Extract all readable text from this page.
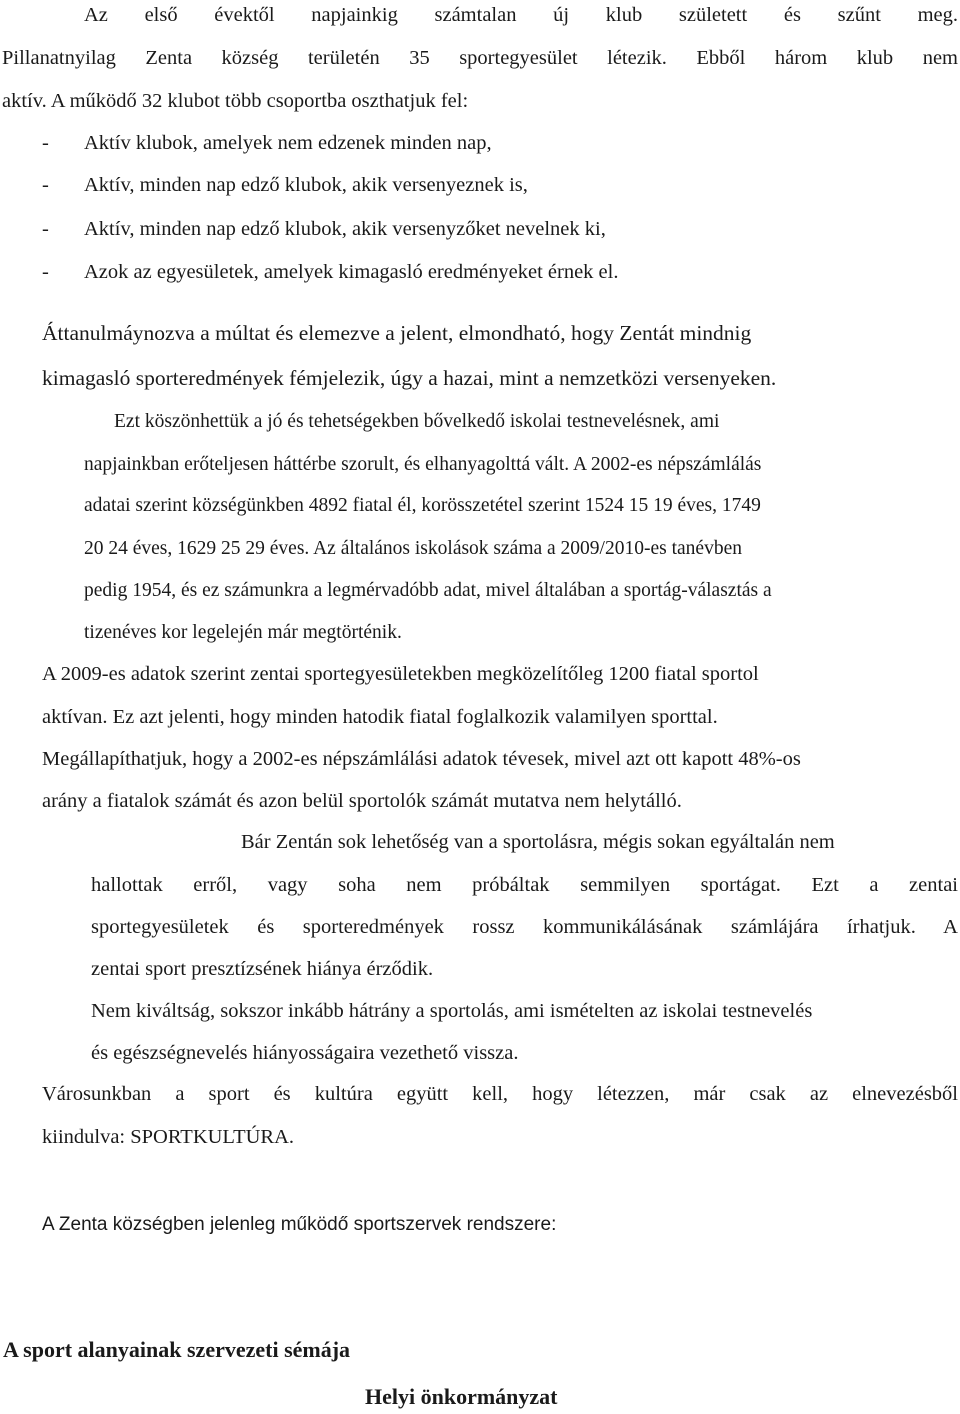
Az első évektől napjainkig számtalan új klub született és szűnt meg.

Pillanatnyilag Zenta község területén 35 sportegyesület létezik. Ebből három klub nem

aktív. A működő 32 klubot több csoportba oszthatjuk fel:

- Aktív klubok, amelyek nem edzenek minden nap,
- Aktív, minden nap edző klubok, akik versenyeznek is,
- Aktív, minden nap edző klubok, akik versenyzőket nevelnek ki,
- Azok az egyesületek, amelyek kimagasló eredményeket érnek el.

Áttanulmáynozva a múltat és elemezve a jelent, elmondható, hogy Zentát mindnig

kimagasló sporteredmények fémjelezik, úgy a hazai, mint a nemzetközi versenyeken.

Ezt köszönhettük a jó és tehetségekben bővelkedő iskolai testnevelésnek, ami

napjainkban erőteljesen háttérbe szorult, és elhanyagolttá vált. A 2002-es népszámlálás

adatai szerint községünkben 4892 fiatal él, korösszetétel szerint 1524 15 19 éves, 1749

20 24 éves, 1629 25 29 éves. Az általános iskolások száma a 2009/2010-es tanévben

pedig 1954, és ez számunkra a legmérvadóbb adat, mivel általában a sportág-választás a

tizenéves kor legelején már megtörténik.

A 2009-es adatok szerint zentai sportegyesületekben megközelítőleg 1200 fiatal sportol

aktívan. Ez azt jelenti, hogy minden hatodik fiatal foglalkozik valamilyen sporttal.

Megállapíthatjuk, hogy a 2002-es népszámlálási adatok tévesek, mivel azt ott kapott 48%-os

arány a fiatalok számát és azon belül sportolók számát mutatva nem helytálló.

Bár Zentán sok lehetőség van a sportolásra, mégis sokan egyáltalán nem

hallottak erről, vagy soha nem próbáltak semmilyen sportágat. Ezt a zentai

sportegyesületek és sporteredmények rossz kommunikálásának számlájára írhatjuk. A

zentai sport presztízsének hiánya érződik.

Nem kiváltság, sokszor inkább hátrány a sportolás, ami ismételten az iskolai testnevelés

és egészségnevelés hiányosságaira vezethető vissza.

Városunkban a sport és kultúra együtt kell, hogy létezzen, már csak az elnevezésből

kiindulva: SPORTKULTÚRA.

A Zenta községben jelenleg működő sportszervek rendszere:

A sport alanyainak szervezeti sémája

Helyi önkormányzat
